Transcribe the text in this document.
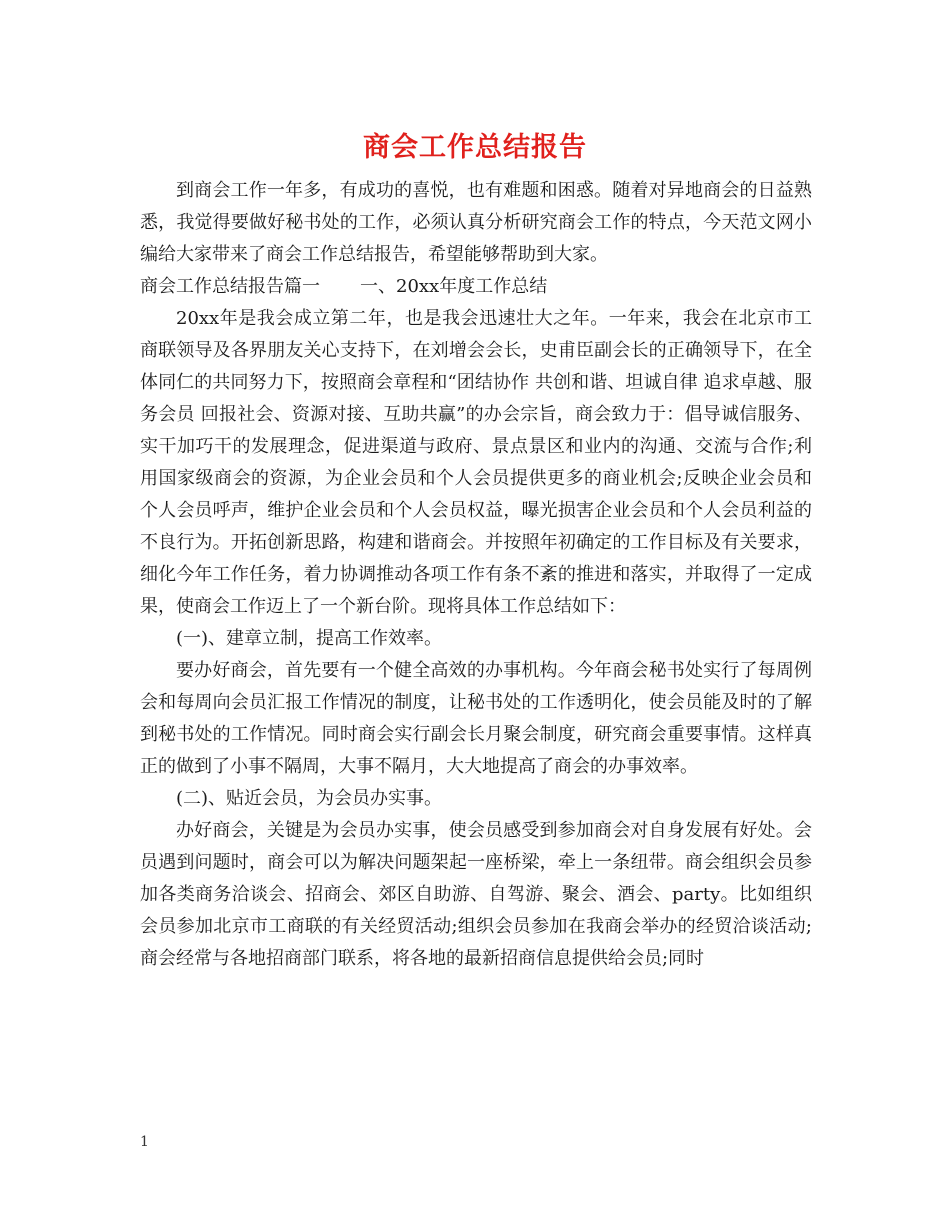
商会工作总结报告

到商会工作一年多，有成功的喜悦，也有难题和困惑。随着对异地商会的日益熟悉，我觉得要做好秘书处的工作，必须认真分析研究商会工作的特点，今天范文网小编给大家带来了商会工作总结报告，希望能够帮助到大家。

商会工作总结报告篇一 一、20xx年度工作总结

20xx年是我会成立第二年，也是我会迅速壮大之年。一年来，我会在北京市工商联领导及各界朋友关心支持下，在刘增会会长，史甫臣副会长的正确领导下，在全体同仁的共同努力下，按照商会章程和“团结协作 共创和谐、坦诚自律 追求卓越、服务会员 回报社会、资源对接、互助共赢”的办会宗旨，商会致力于：倡导诚信服务、实干加巧干的发展理念，促进渠道与政府、景点景区和业内的沟通、交流与合作;利用国家级商会的资源，为企业会员和个人会员提供更多的商业机会;反映企业会员和个人会员呼声，维护企业会员和个人会员权益，曝光损害企业会员和个人会员利益的不良行为。开拓创新思路，构建和谐商会。并按照年初确定的工作目标及有关要求，细化今年工作任务，着力协调推动各项工作有条不紊的推进和落实，并取得了一定成果，使商会工作迈上了一个新台阶。现将具体工作总结如下：

(一)、建章立制，提高工作效率。

要办好商会，首先要有一个健全高效的办事机构。今年商会秘书处实行了每周例会和每周向会员汇报工作情况的制度，让秘书处的工作透明化，使会员能及时的了解到秘书处的工作情况。同时商会实行副会长月聚会制度，研究商会重要事情。这样真正的做到了小事不隔周，大事不隔月，大大地提高了商会的办事效率。

(二)、贴近会员，为会员办实事。

办好商会，关键是为会员办实事，使会员感受到参加商会对自身发展有好处。会员遇到问题时，商会可以为解决问题架起一座桥梁，牵上一条纽带。商会组织会员参加各类商务洽谈会、招商会、郊区自助游、自驾游、聚会、酒会、party。比如组织会员参加北京市工商联的有关经贸活动;组织会员参加在我商会举办的经贸洽谈活动;商会经常与各地招商部门联系，将各地的最新招商信息提供给会员;同时

1
